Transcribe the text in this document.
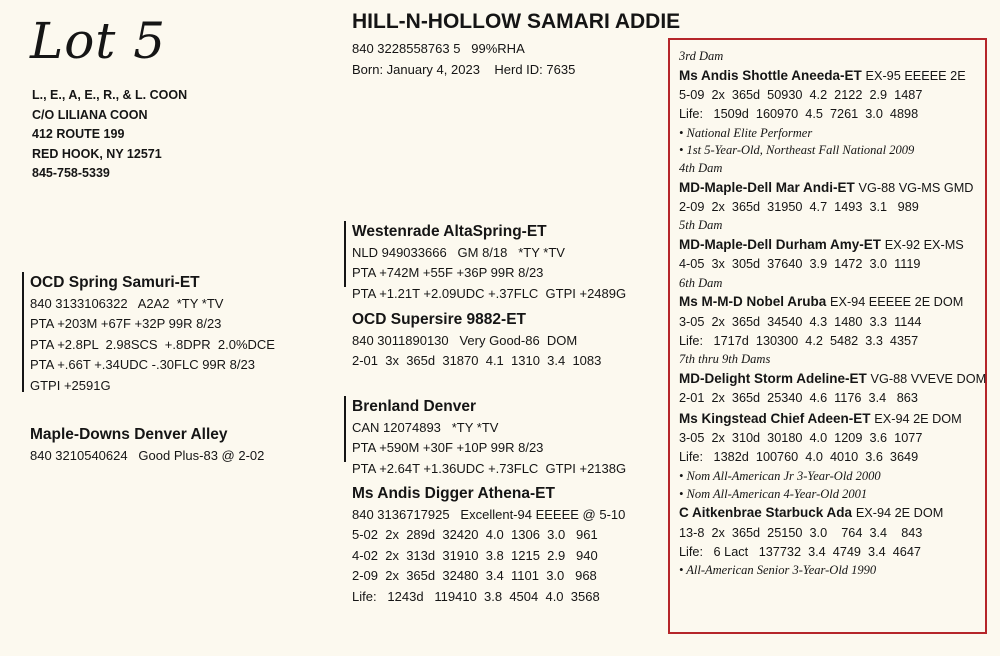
Lot 5
L., E., A, E., R., & L. COON
C/O LILIANA COON
412 ROUTE 199
RED HOOK, NY 12571
845-758-5339
HILL-N-HOLLOW SAMARI ADDIE
840 3228558763 5   99%RHA
Born: January 4, 2023    Herd ID: 7635
OCD Spring Samuri-ET
840 3133106322   A2A2  *TY *TV
PTA +203M +67F +32P 99R 8/23
PTA +2.8PL  2.98SCS  +.8DPR  2.0%DCE
PTA +.66T +.34UDC -.30FLC 99R 8/23
GTPI +2591G
Maple-Downs Denver Alley
840 3210540624   Good Plus-83 @ 2-02
Westenrade AltaSpring-ET
NLD 949033666   GM 8/18   *TY *TV
PTA +742M +55F +36P 99R 8/23
PTA +1.21T +2.09UDC +.37FLC  GTPI +2489G
OCD Supersire 9882-ET
840 3011890130   Very Good-86  DOM
2-01  3x  365d  31870  4.1  1310  3.4  1083
Brenland Denver
CAN 12074893   *TY *TV
PTA +590M +30F +10P 99R 8/23
PTA +2.64T +1.36UDC +.73FLC  GTPI +2138G
Ms Andis Digger Athena-ET
840 3136717925   Excellent-94 EEEEE @ 5-10
5-02  2x  289d  32420  4.0  1306  3.0   961
4-02  2x  313d  31910  3.8  1215  2.9   940
2-09  2x  365d  32480  3.4  1101  3.0   968
Life:   1243d   119410  3.8  4504  4.0  3568
3rd Dam
Ms Andis Shottle Aneeda-ET EX-95 EEEEE 2E
5-09  2x  365d  50930  4.2  2122  2.9  1487
Life:   1509d  160970  4.5  7261  3.0  4898
• National Elite Performer
• 1st 5-Year-Old, Northeast Fall National 2009
4th Dam
MD-Maple-Dell Mar Andi-ET VG-88 VG-MS GMD
2-09  2x  365d  31950  4.7  1493  3.1   989
5th Dam
MD-Maple-Dell Durham Amy-ET EX-92 EX-MS
4-05  3x  305d  37640  3.9  1472  3.0  1119
6th Dam
Ms M-M-D Nobel Aruba EX-94 EEEEE 2E DOM
3-05  2x  365d  34540  4.3  1480  3.3  1144
Life:   1717d  130300  4.2  5482  3.3  4357
7th thru 9th Dams
MD-Delight Storm Adeline-ET VG-88 VVEVE DOM
2-01  2x  365d  25340  4.6  1176  3.4   863
Ms Kingstead Chief Adeen-ET EX-94 2E DOM
3-05  2x  310d  30180  4.0  1209  3.6  1077
Life:   1382d  100760  4.0  4010  3.6  3649
• Nom All-American Jr 3-Year-Old 2000
• Nom All-American 4-Year-Old 2001
C Aitkenbrae Starbuck Ada EX-94 2E DOM
13-8  2x  365d  25150  3.0    764  3.4    843
Life:   6 Lact   137732  3.4  4749  3.4  4647
• All-American Senior 3-Year-Old 1990
